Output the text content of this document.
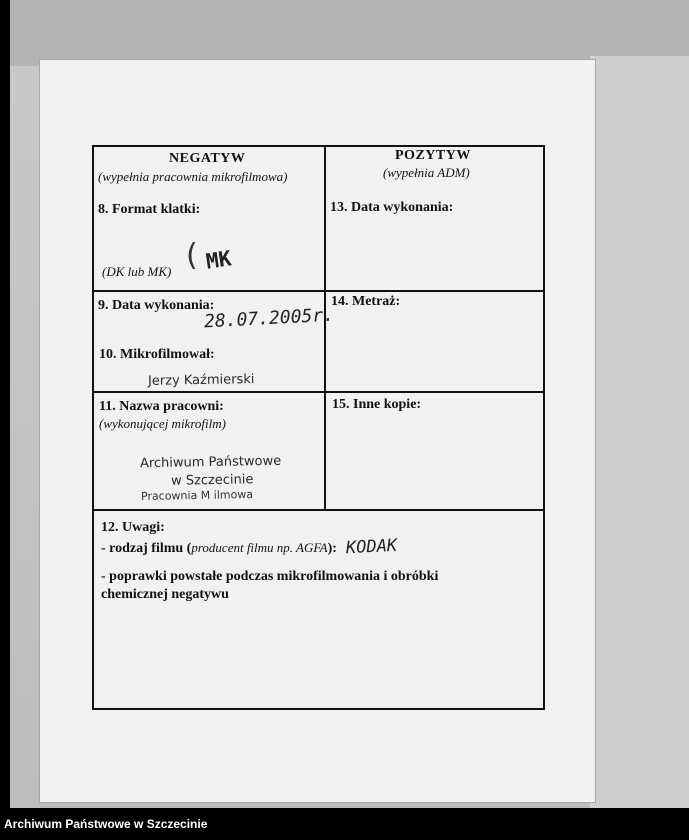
NEGATYW
(wypełnia pracownia mikrofilmowa)
POZYTYW
(wypełnia ADM)
8. Format klatki:
(DK lub MK) ( MK
13. Data wykonania:
9. Data wykonania:
28.07.2005r.
14. Metraż:
10. Mikrofilmował:
Jerzy Kaźmierski
11. Nazwa pracowni:
(wykonującej mikrofilm)
Archiwum Państwowe
w Szczecinie
Pracownia M ilmowa
15. Inne kopie:
12. Uwagi:
- rodzaj filmu (producent filmu np. AGFA): KODAK
- poprawki powstałe podczas mikrofilmowania i obróbki
chemicznej negatywu
Archiwum Państwowe w Szczecinie
